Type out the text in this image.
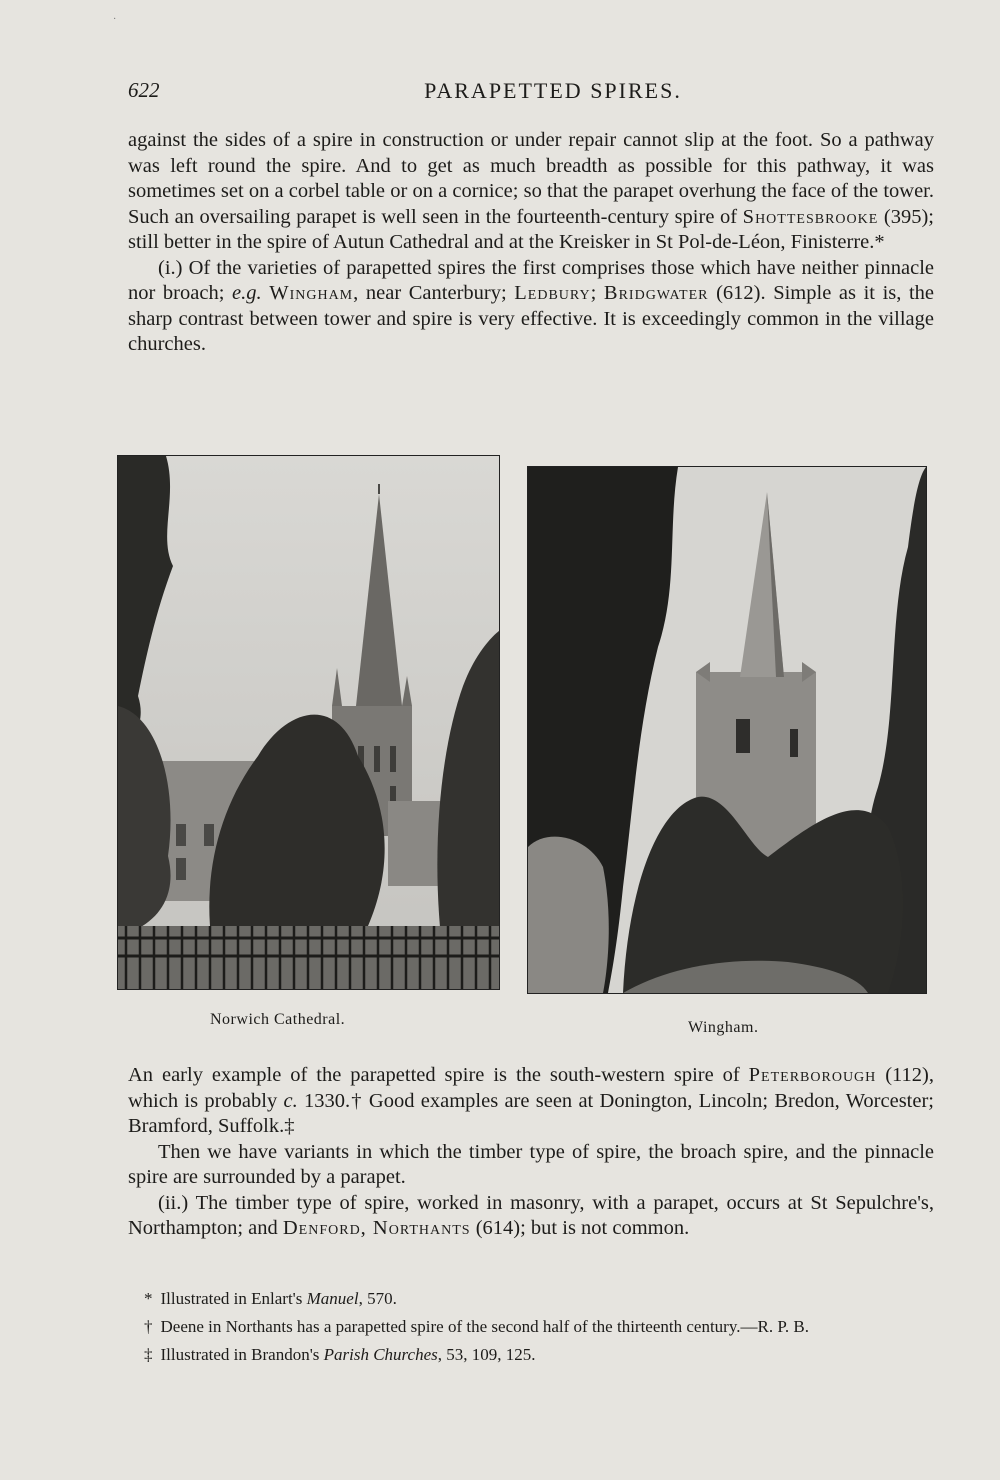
·
622	PARAPETTED SPIRES.

against the sides of a spire in construction or under repair cannot slip at the foot. So a pathway was left round the spire. And to get as much breadth as possible for this pathway, it was sometimes set on a corbel table or on a cornice; so that the parapet overhung the face of the tower. Such an oversailing parapet is well seen in the fourteenth-century spire of Shottesbrooke (395); still better in the spire of Autun Cathedral and at the Kreisker in St Pol-de-Léon, Finisterre.*

(i.) Of the varieties of parapetted spires the first comprises those which have neither pinnacle nor broach; e.g. Wingham, near Canterbury; Ledbury; Bridgwater (612). Simple as it is, the sharp contrast between tower and spire is very effective. It is exceedingly common in the village churches.

Norwich Cathedral.	Wingham.

An early example of the parapetted spire is the south-western spire of Peterborough (112), which is probably c. 1330.† Good examples are seen at Donington, Lincoln; Bredon, Worcester; Bramford, Suffolk.‡

Then we have variants in which the timber type of spire, the broach spire, and the pinnacle spire are surrounded by a parapet.

(ii.) The timber type of spire, worked in masonry, with a parapet, occurs at St Sepulchre's, Northampton; and Denford, Northants (614); but is not common.

* Illustrated in Enlart's Manuel, 570.

† Deene in Northants has a parapetted spire of the second half of the thirteenth century.—R. P. B.

‡ Illustrated in Brandon's Parish Churches, 53, 109, 125.
